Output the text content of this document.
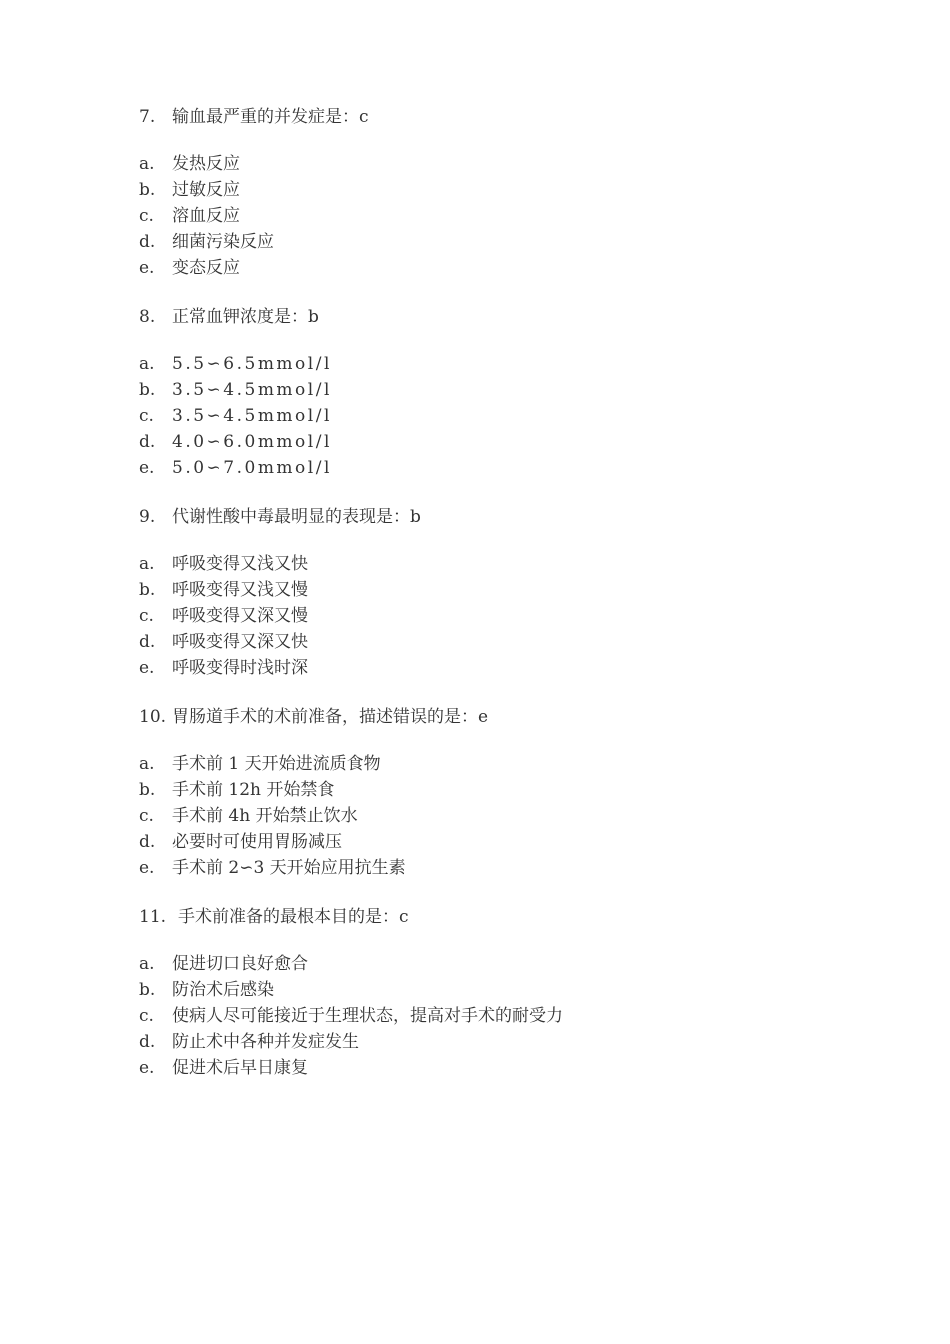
7. 输血最严重的并发症是：c
a. 发热反应
b. 过敏反应
c. 溶血反应
d. 细菌污染反应
e. 变态反应
8. 正常血钾浓度是：b
a. 5.5∽6.5mmol/l
b. 3.5∽4.5mmol/l
c. 3.5∽4.5mmol/l
d. 4.0∽6.0mmol/l
e. 5.0∽7.0mmol/l
9. 代谢性酸中毒最明显的表现是：b
a. 呼吸变得又浅又快
b. 呼吸变得又浅又慢
c. 呼吸变得又深又慢
d. 呼吸变得又深又快
e. 呼吸变得时浅时深
10. 胃肠道手术的术前准备，描述错误的是：e
a. 手术前 1 天开始进流质食物
b. 手术前 12h 开始禁食
c. 手术前 4h 开始禁止饮水
d. 必要时可使用胃肠减压
e. 手术前 2∽3 天开始应用抗生素
11. 手术前准备的最根本目的是：c
a. 促进切口良好愈合
b. 防治术后感染
c. 使病人尽可能接近于生理状态，提高对手术的耐受力
d. 防止术中各种并发症发生
e. 促进术后早日康复
